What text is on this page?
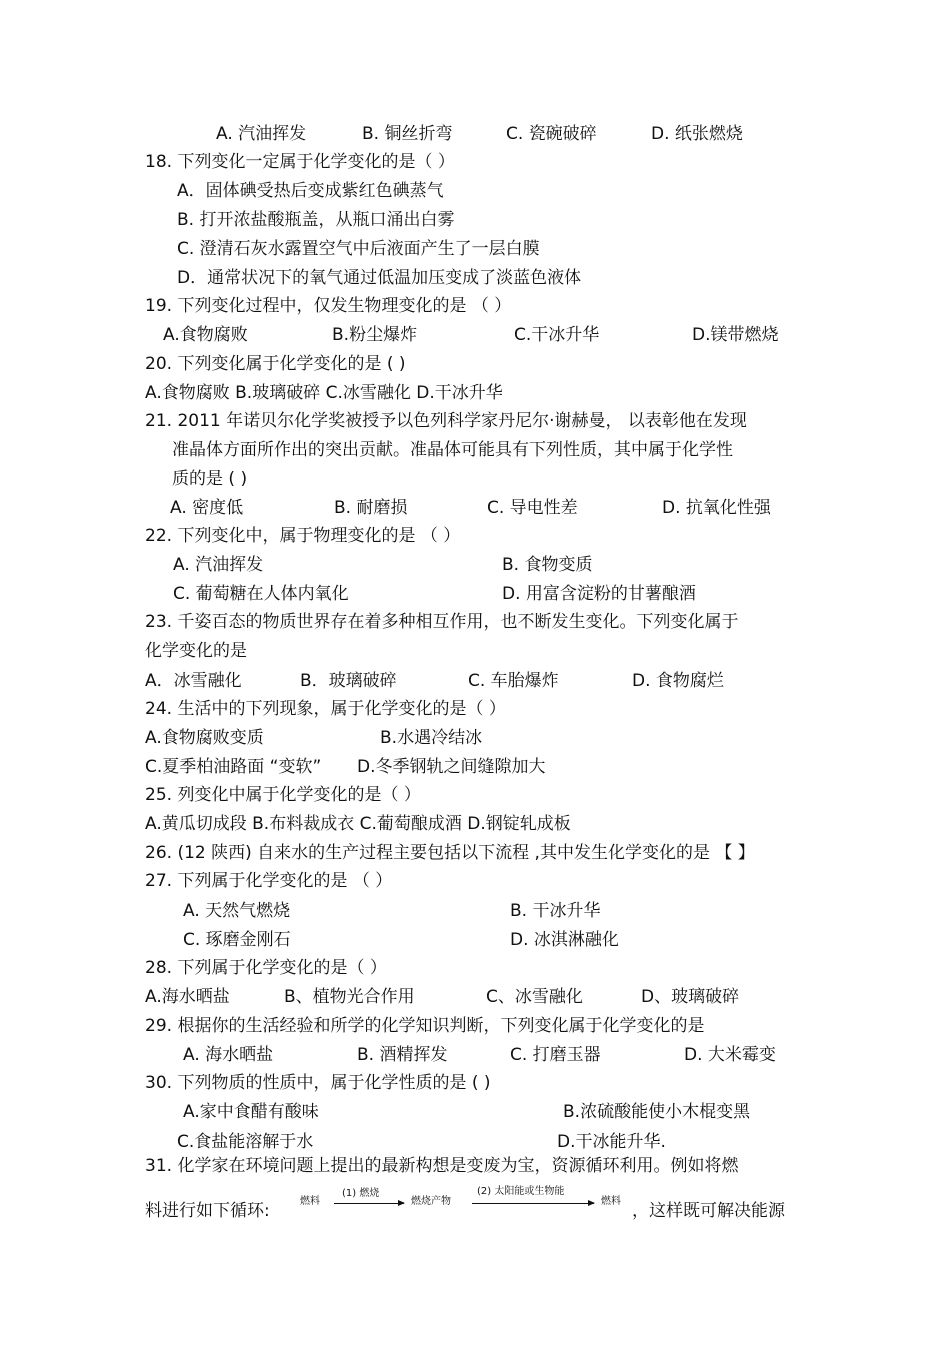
A. 汽油挥发	B. 铜丝折弯	C. 瓷碗破碎	D. 纸张燃烧
18. 下列变化一定属于化学变化的是（ ）
A．固体碘受热后变成紫红色碘蒸气
B. 打开浓盐酸瓶盖，从瓶口涌出白雾
C. 澄清石灰水露置空气中后液面产生了一层白膜
D．通常状况下的氧气通过低温加压变成了淡蓝色液体
19. 下列变化过程中，仅发生物理变化的是 （ ）
A.食物腐败	B.粉尘爆炸	C.干冰升华	D.镁带燃烧
20. 下列变化属于化学变化的是 ( )
A.食物腐败 B.玻璃破碎 C.冰雪融化 D.干冰升华
21. 2011 年诺贝尔化学奖被授予以色列科学家丹尼尔·谢赫曼， 以表彰他在发现
准晶体方面所作出的突出贡献。准晶体可能具有下列性质，其中属于化学性
质的是 ( )
A. 密度低	B. 耐磨损	C. 导电性差	D. 抗氧化性强
22. 下列变化中，属于物理变化的是 （ ）
A. 汽油挥发	B. 食物变质
C. 葡萄糖在人体内氧化	D. 用富含淀粉的甘薯酿酒
23. 千姿百态的物质世界存在着多种相互作用，也不断发生变化。下列变化属于
化学变化的是
A．冰雪融化	B．玻璃破碎	C. 车胎爆炸	D. 食物腐烂
24. 生活中的下列现象，属于化学变化的是（ ）
A.食物腐败变质	B.水遇冷结冰
C.夏季柏油路面 “变软” D.冬季钢轨之间缝隙加大
25. 列变化中属于化学变化的是（ ）
A.黄瓜切成段 B.布料裁成衣 C.葡萄酿成酒 D.钢锭轧成板
26. (12 陕西) 自来水的生产过程主要包括以下流程 ,其中发生化学变化的是 【 】
27. 下列属于化学变化的是 （ ）
A. 天然气燃烧	B. 干冰升华
C. 琢磨金刚石	D. 冰淇淋融化
28. 下列属于化学变化的是（ ）
A.海水晒盐	B、植物光合作用	C、冰雪融化	D、玻璃破碎
29. 根据你的生活经验和所学的化学知识判断，下列变化属于化学变化的是
A. 海水晒盐	B. 酒精挥发	C. 打磨玉器	D. 大米霉变
30. 下列物质的性质中，属于化学性质的是 ( )
A.家中食醋有酸味	B.浓硫酸能使小木棍变黑
C.食盐能溶解于水	D.干冰能升华.
31. 化学家在环境问题上提出的最新构想是变废为宝，资源循环利用。例如将燃
料进行如下循环:	燃料
(1) 燃烧
燃烧产物
(2) 太阳能或生物能
燃料 ，这样既可解决能源
